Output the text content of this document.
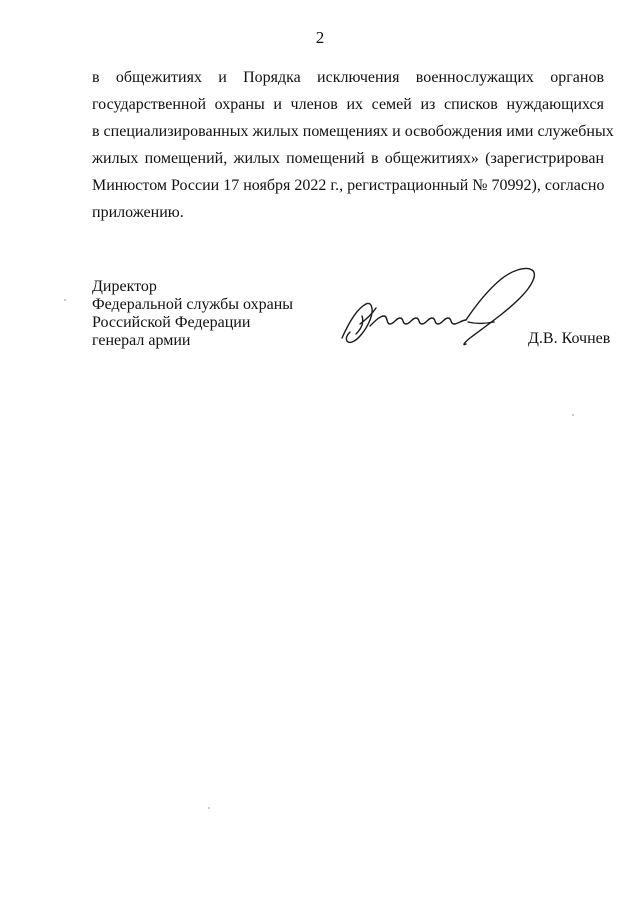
2
в общежитиях и Порядка исключения военнослужащих органов
государственной охраны и членов их семей из списков нуждающихся
в специализированных жилых помещениях и освобождения ими служебных
жилых помещений, жилых помещений в общежитиях» (зарегистрирован
Минюстом России 17 ноября 2022 г., регистрационный № 70992), согласно
приложению.
Директор
Федеральной службы охраны
Российской Федерации
генерал армии	Д.В. Кочнев
